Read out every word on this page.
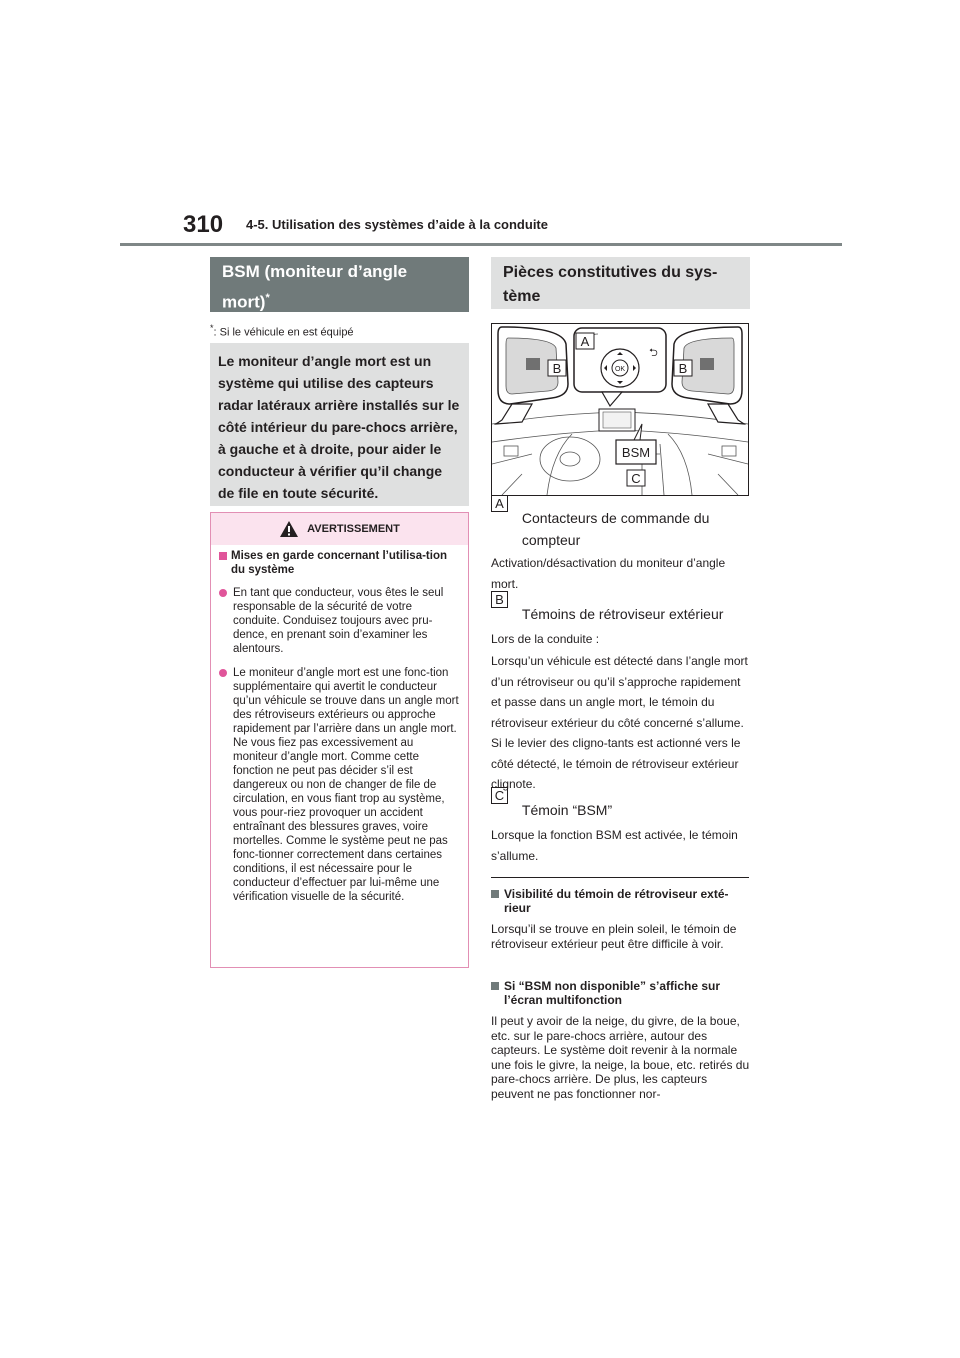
310 4-5. Utilisation des systèmes d’aide à la conduite
BSM (moniteur d’angle mort)*
*: Si le véhicule en est équipé
Le moniteur d’angle mort est un système qui utilise des capteurs radar latéraux arrière installés sur le côté intérieur du pare-chocs arrière, à gauche et à droite, pour aider le conducteur à vérifier qu’il change de file en toute sécurité.
AVERTISSEMENT
Mises en garde concernant l’utilisa-tion du système
En tant que conducteur, vous êtes le seul responsable de la sécurité de votre conduite. Conduisez toujours avec pru-dence, en prenant soin d’examiner les alentours.
Le moniteur d’angle mort est une fonc-tion supplémentaire qui avertit le conducteur qu’un véhicule se trouve dans un angle mort des rétroviseurs extérieurs ou approche rapidement par l’arrière dans un angle mort. Ne vous fiez pas excessivement au moniteur d’angle mort. Comme cette fonction ne peut pas décider s’il est dangereux ou non de changer de file de circulation, en vous fiant trop au système, vous pour-riez provoquer un accident entraînant des blessures graves, voire mortelles. Comme le système peut ne pas fonc-tionner correctement dans certaines conditions, il est nécessaire pour le conducteur d’effectuer par lui-même une vérification visuelle de la sécurité.
Pièces constitutives du sys-tème
OK
⮌
BSM
A
B	B
C
A Contacteurs de commande du compteur
Activation/désactivation du moniteur d’angle mort.
B Témoins de rétroviseur extérieur
Lors de la conduite :
Lorsqu’un véhicule est détecté dans l’angle mort d’un rétroviseur ou qu’il s’approche rapidement et passe dans un angle mort, le témoin du rétroviseur extérieur du côté concerné s’allume. Si le levier des cligno-tants est actionné vers le côté détecté, le témoin de rétroviseur extérieur clignote.
C Témoin “BSM”
Lorsque la fonction BSM est activée, le témoin s’allume.
Visibilité du témoin de rétroviseur exté-rieur
Lorsqu’il se trouve en plein soleil, le témoin de rétroviseur extérieur peut être difficile à voir.
Si “BSM non disponible” s’affiche sur l’écran multifonction
Il peut y avoir de la neige, du givre, de la boue, etc. sur le pare-chocs arrière, autour des capteurs. Le système doit revenir à la normale une fois le givre, la neige, la boue, etc. retirés du pare-chocs arrière. De plus, les capteurs peuvent ne pas fonctionner nor-
